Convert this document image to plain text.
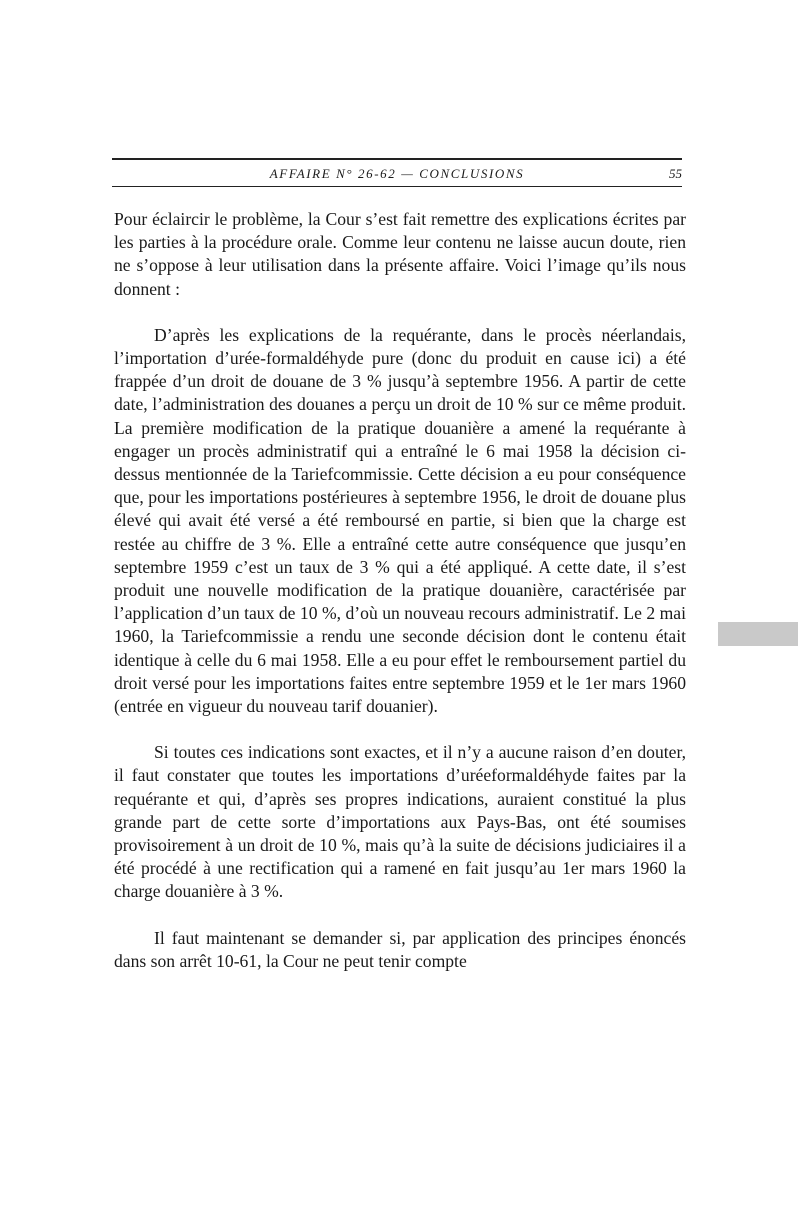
AFFAIRE N° 26-62 — CONCLUSIONS	55

Pour éclaircir le problème, la Cour s’est fait remettre des explications écrites par les parties à la procédure orale. Comme leur contenu ne laisse aucun doute, rien ne s’oppose à leur utilisation dans la présente affaire. Voici l’image qu’ils nous donnent :

D’après les explications de la requérante, dans le procès néerlandais, l’importation d’urée-formaldéhyde pure (donc du produit en cause ici) a été frappée d’un droit de douane de 3 % jusqu’à septembre 1956. A partir de cette date, l’administration des douanes a perçu un droit de 10 % sur ce même produit. La première modification de la pratique douanière a amené la requérante à engager un procès administratif qui a entraîné le 6 mai 1958 la décision ci-dessus mentionnée de la Tariefcommissie. Cette décision a eu pour conséquence que, pour les importations postérieures à septembre 1956, le droit de douane plus élevé qui avait été versé a été remboursé en partie, si bien que la charge est restée au chiffre de 3 %. Elle a entraîné cette autre conséquence que jusqu’en septembre 1959 c’est un taux de 3 % qui a été appliqué. A cette date, il s’est produit une nouvelle modification de la pratique douanière, caractérisée par l’application d’un taux de 10 %, d’où un nouveau recours administratif. Le 2 mai 1960, la Tariefcommissie a rendu une seconde décision dont le contenu était identique à celle du 6 mai 1958. Elle a eu pour effet le remboursement partiel du droit versé pour les importations faites entre septembre 1959 et le 1er mars 1960 (entrée en vigueur du nouveau tarif douanier).

Si toutes ces indications sont exactes, et il n’y a aucune raison d’en douter, il faut constater que toutes les importations d’uréeformaldéhyde faites par la requérante et qui, d’après ses propres indications, auraient constitué la plus grande part de cette sorte d’importations aux Pays-Bas, ont été soumises provisoirement à un droit de 10 %, mais qu’à la suite de décisions judiciaires il a été procédé à une rectification qui a ramené en fait jusqu’au 1er mars 1960 la charge douanière à 3 %.

Il faut maintenant se demander si, par application des principes énoncés dans son arrêt 10-61, la Cour ne peut tenir compte
